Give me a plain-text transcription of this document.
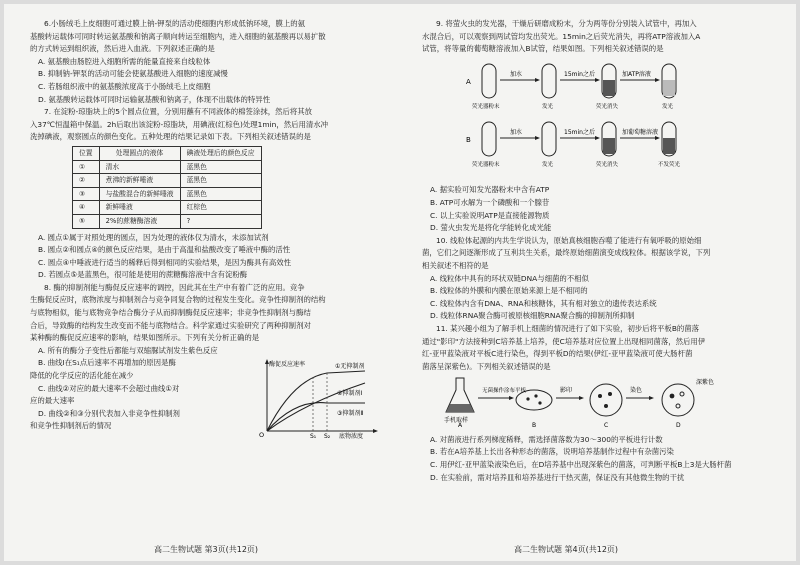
6.小肠绒毛上皮细胞可通过膜上钠-钾泵的活动使细胞内形成低钠环境，膜上的氨

基酸转运载体可同时转运氨基酸和钠离子顺向转运至细胞内，进入细胞的氨基酸再以易扩散

的方式转运到组织液，然后进入血液。下列叙述正确的是

A. 氨基酸由肠腔进入细胞所需的能量直接来自线粒体

B. 抑制钠-钾泵的活动可能会使氨基酸进入细胞的速度减慢

C. 若肠组织液中的氨基酸浓度高于小肠绒毛上皮细胞

D. 氨基酸转运载体可同时运输氨基酸和钠离子，体现不出载体的特异性

7. 在淀粉-琼脂块上的5个圆点位置，分别用蘸有不同液体的棉签涂抹，然后将其放

入37℃恒温箱中保温。2h后取出该淀粉-琼脂块，用碘液(红棕色)处理1min，然后用清水冲

洗掉碘液，观察圆点的颜色变化。五种处理的结果记录如下表。下列相关叙述错误的是

位置	处理圆点的液体	碘液处理后的颜色反应
①	清水	蓝黑色
②	煮沸的新鲜唾液	蓝黑色
③	与盐酸混合的新鲜唾液	蓝黑色
④	新鲜唾液	红棕色
⑤	2%的蔗糖酶溶液	?

A. 圆点①属于对照处理的圆点，因为处理的液体仅为清水，未添加试剂

B. 圆点②和圆点④的颜色反应结果，是由于高温和盐酸改变了唾液中酶的活性

C. 圆点④中唾液进行适当的稀释后得到相同的实验结果，是因为酶具有高效性

D. 若圆点⑤是蓝黑色，很可能是使用的蔗糖酶溶液中含有淀粉酶

8. 酶的抑制剂能与酶促反应速率的调控，因此其在生产中有着广泛的应用。竞争

生酶促反应时，底物浓度与抑制剂合与竞争同复合物的过程发生变化。竞争性抑制剂的结构

与底物相似，能与底物竞争结合酶分子从而抑制酶促反应速率；非竞争性抑制剂与酶结

合后，导致酶的结构发生改变而不能与底物结合。科学家通过实验研究了两种抑制剂对

某种酶的酶促反应速率的影响，结果如图所示。下列有关分析正确的是

A. 所有的酶分子变性后都能与双缩脲试剂发生紫色反应

B. 曲线Ⅰ在S₁点后速率不再增加的原因是酶

降低的化学反应的活化能在减少

C. 曲线②对应的最大速率不会超过曲线①对

应的最大速率

D. 曲线②和③分别代表加入非竞争性抑制剂

和竞争性抑制剂后的情况

O	S₁ S₂ 底物浓度
酶促反应速率	①无抑制剂
②抑制剂Ⅰ
③抑制剂Ⅱ
高二生物试题 第3页(共12页)

9. 将萤火虫的发光器，干燥后研磨成粉末，分为两等份分别装入试管中，再加入

水混合后，可以观察到两试管均发出荧光。15min之后荧光消失，再将ATP溶液加入A

试管，将等量的葡萄糖溶液加入B试管，结果如图。下列相关叙述错误的是

加水	15min之后	加ATP溶液
荧光器粉末	发光	荧光消失	发光
A
加水	15min之后	加葡萄糖溶液
荧光器粉末	发光	荧光消失	不发荧光
B

A. 据实验可知发光器粉末中含有ATP

B. ATP可水解为一个磷酸和一个腺苷

C. 以上实验说明ATP是直接能源物质

D. 萤火虫发光是将化学能转化成光能

10. 线粒体起源的内共生学说认为，原始真核细胞吞噬了能进行有氧呼吸的原始细

菌，它们之间逐渐形成了互利共生关系，最终原始细菌演变成线粒体。根据该学说，下列

相关叙述不相符的是

A. 线粒体中具有的环状双链DNA与细菌的不相似

B. 线粒体的外膜和内膜在原始来源上是不相同的

C. 线粒体内含有DNA、RNA和核糖体，其有相对独立的遗传表达系统

D. 线粒体RNA聚合酶可被原核细胞RNA聚合酶的抑制剂所抑制

11. 某兴趣小组为了解手机上细菌的情况进行了如下实验，初步后将平板B的菌落

通过"影印"方法接种到C培养基上培养，使C培养基对应位置上出现相同菌落，然后用伊

红-亚甲蓝染液对平板C进行染色，得到平板D的结果(伊红-亚甲蓝染液可使大肠杆菌

菌落呈深紫色)。下列相关叙述错误的是

手机取样
无菌操作涂布平板	影印	染色
深紫色
A	B	C	D

A. 对菌液进行系列梯度稀释，需选择菌落数为30～300的平板进行计数

B. 若在A培养基上长出各种形态的菌落，说明培养基制作过程中有杂菌污染

C. 用伊红-亚甲蓝染液染色后，在D培养基中出现深紫色的菌落，可判断平板B上3是大肠杆菌

D. 在实验前，需对培养皿和培养基进行干热灭菌，保证没有其他微生物的干扰

高二生物试题 第4页(共12页)
